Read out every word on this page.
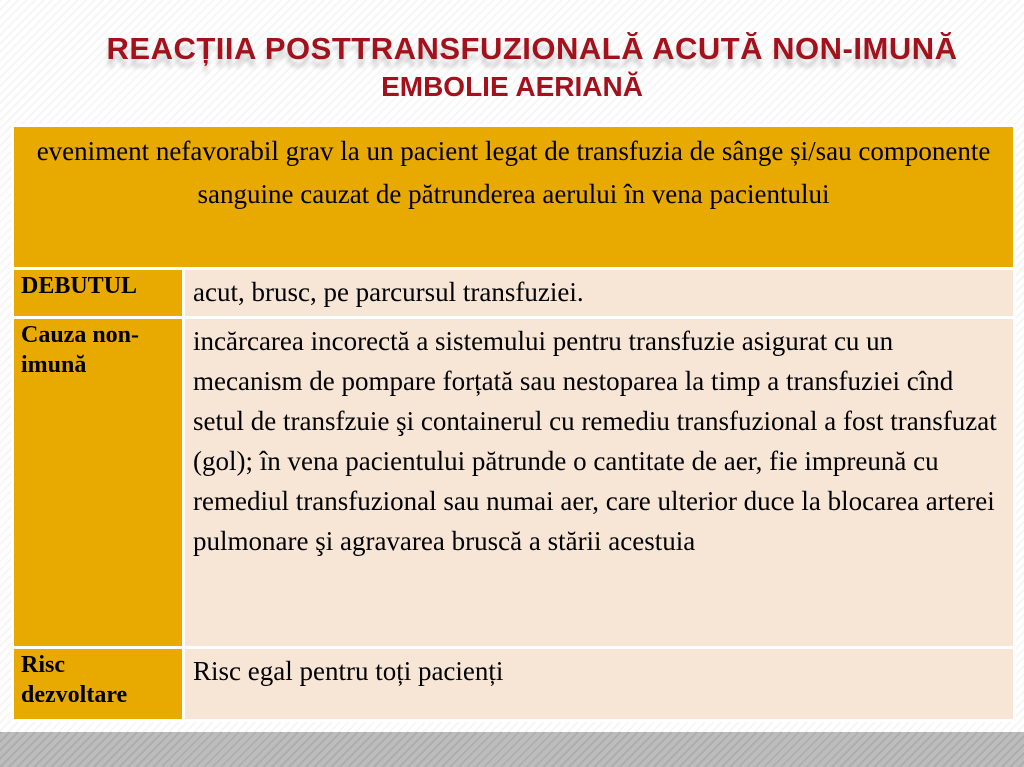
REACȚIIA POSTTRANSFUZIONALĂ ACUTĂ NON-IMUNĂ
EMBOLIE AERIANĂ
eveniment nefavorabil grav la un pacient legat de transfuzia de sânge și/sau componente sanguine cauzat de pătrunderea aerului în vena pacientului	
DEBUTUL	acut, brusc, pe parcursul transfuziei.
Cauza non-imună	incărcarea incorectă a sistemului pentru transfuzie asigurat cu un mecanism de pompare forțată sau nestoparea la timp a transfuziei cînd setul de transfzuie şi containerul cu remediu transfuzional a fost transfuzat (gol); în vena pacientului pătrunde o cantitate de aer, fie impreună cu remediul transfuzional sau numai aer, care ulterior duce la blocarea arterei pulmonare şi agravarea bruscă a stării acestuia
Risc dezvoltare	Risc egal pentru toți pacienți
